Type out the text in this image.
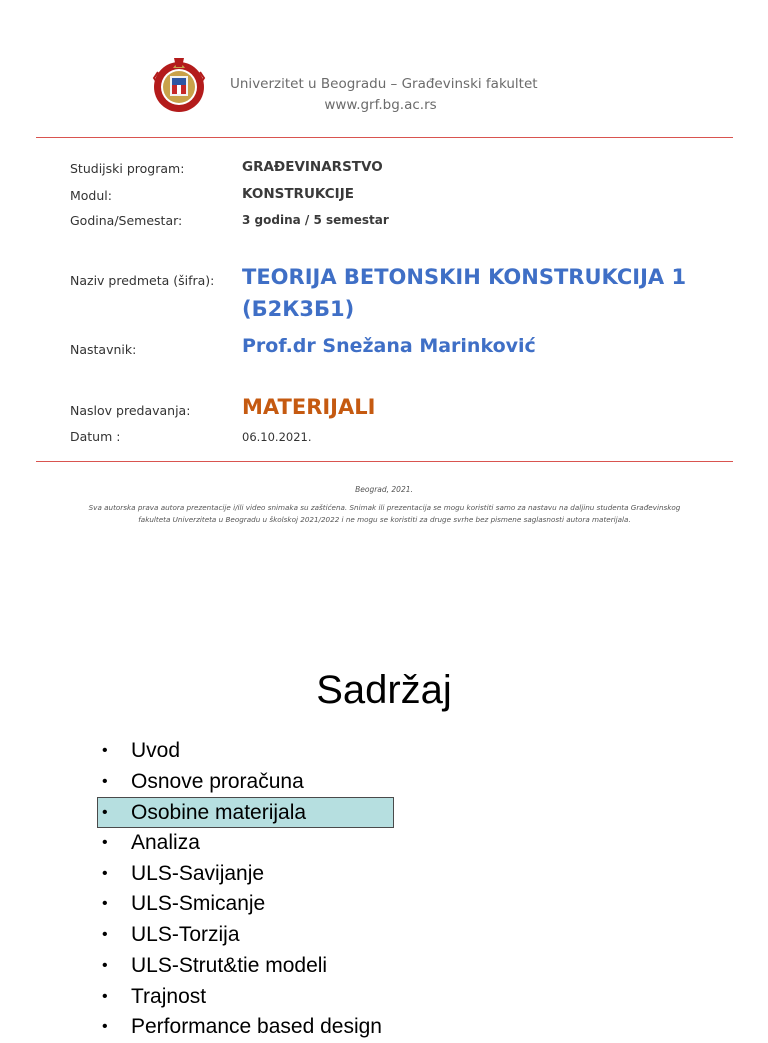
Univerzitet u Beogradu – Građevinski fakultet
www.grf.bg.ac.rs
Studijski program:	GRAĐEVINARSTVO
Modul:	KONSTRUKCIJE
Godina/Semestar:	3 godina / 5 semestar
Naziv predmeta (šifra): TEORIJA BETONSKIH KONSTRUKCIJA 1
(Б2К3Б1)
Nastavnik:	Prof.dr Snežana Marinković
Naslov predavanja: MATERIJALI
Datum :	06.10.2021.
Beograd, 2021.
Sva autorska prava autora prezentacije i/ili video snimaka su zaštićena. Snimak ili prezentacija se mogu koristiti samo za nastavu na daljinu studenta Građevinskog
fakulteta Univerziteta u Beogradu u školskoj 2021/2022 i ne mogu se koristiti za druge svrhe bez pismene saglasnosti autora materijala.
Sadržaj
• Uvod
• Osnove proračuna
• Osobine materijala
• Analiza
• ULS-Savijanje
• ULS-Smicanje
• ULS-Torzija
• ULS-Strut&tie modeli
• Trajnost
• Performance based design
